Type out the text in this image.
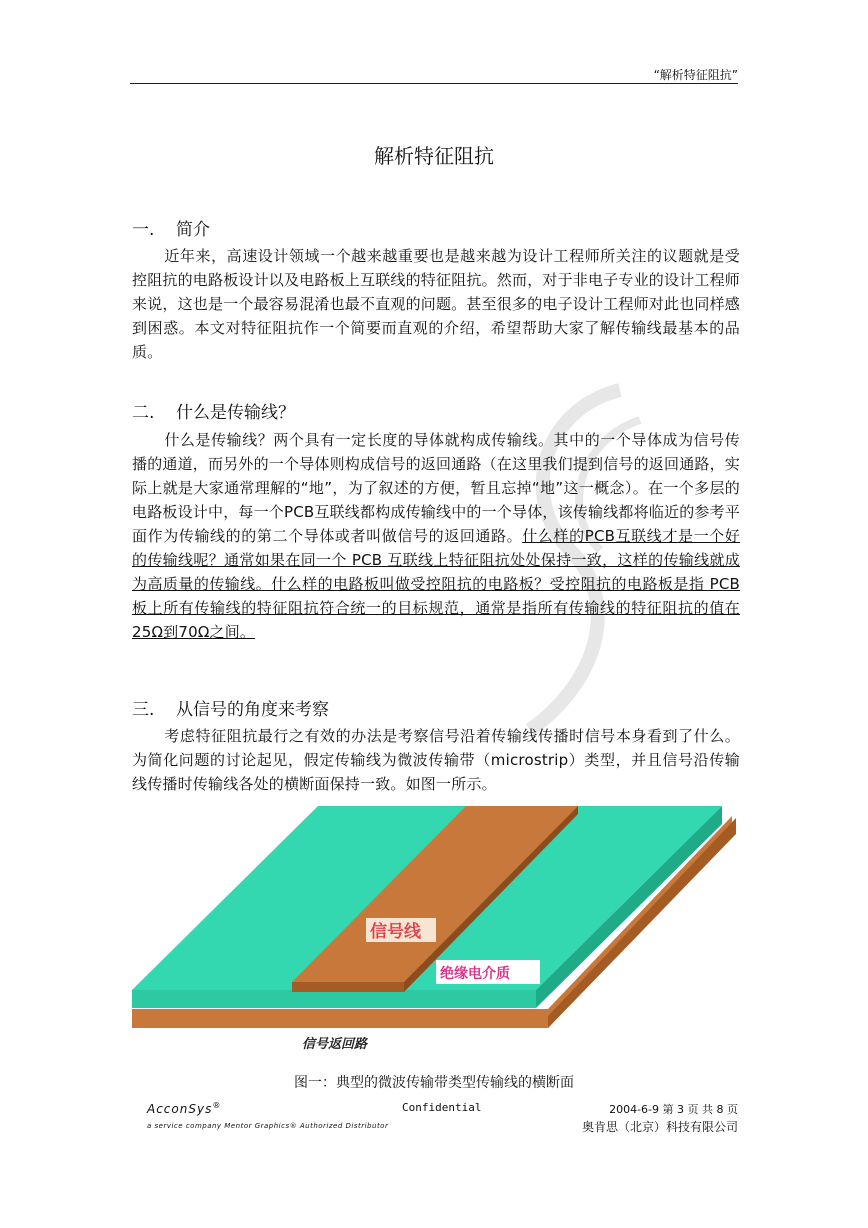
“解析特征阻抗”
解析特征阻抗
一. 简介
近年来，高速设计领域一个越来越重要也是越来越为设计工程师所关注的议题就是受控阻抗的电路板设计以及电路板上互联线的特征阻抗。然而，对于非电子专业的设计工程师来说，这也是一个最容易混淆也最不直观的问题。甚至很多的电子设计工程师对此也同样感到困惑。本文对特征阻抗作一个简要而直观的介绍，希望帮助大家了解传输线最基本的品质。
二. 什么是传输线？
什么是传输线？两个具有一定长度的导体就构成传输线。其中的一个导体成为信号传播的通道，而另外的一个导体则构成信号的返回通路（在这里我们提到信号的返回通路，实际上就是大家通常理解的“地”，为了叙述的方便，暂且忘掉“地”这一概念）。在一个多层的电路板设计中，每一个PCB互联线都构成传输线中的一个导体，该传输线都将临近的参考平面作为传输线的的第二个导体或者叫做信号的返回通路。什么样的PCB互联线才是一个好的传输线呢？通常如果在同一个 PCB 互联线上特征阻抗处处保持一致，这样的传输线就成为高质量的传输线。什么样的电路板叫做受控阻抗的电路板？受控阻抗的电路板是指 PCB 板上所有传输线的特征阻抗符合统一的目标规范，通常是指所有传输线的特征阻抗的值在25Ω到70Ω之间。
三. 从信号的角度来考察
考虑特征阻抗最行之有效的办法是考察信号沿着传输线传播时信号本身看到了什么。为简化问题的讨论起见，假定传输线为微波传输带（microstrip）类型，并且信号沿传输线传播时传输线各处的横断面保持一致。如图一所示。
信号线
绝缘电介质
信号返回路
图一：典型的微波传输带类型传输线的横断面
AcconSys®	Confidential	2004-6-9 第 3 页 共 8 页
a service company Mentor Graphics® Authorized Distributor	奥肯思（北京）科技有限公司
